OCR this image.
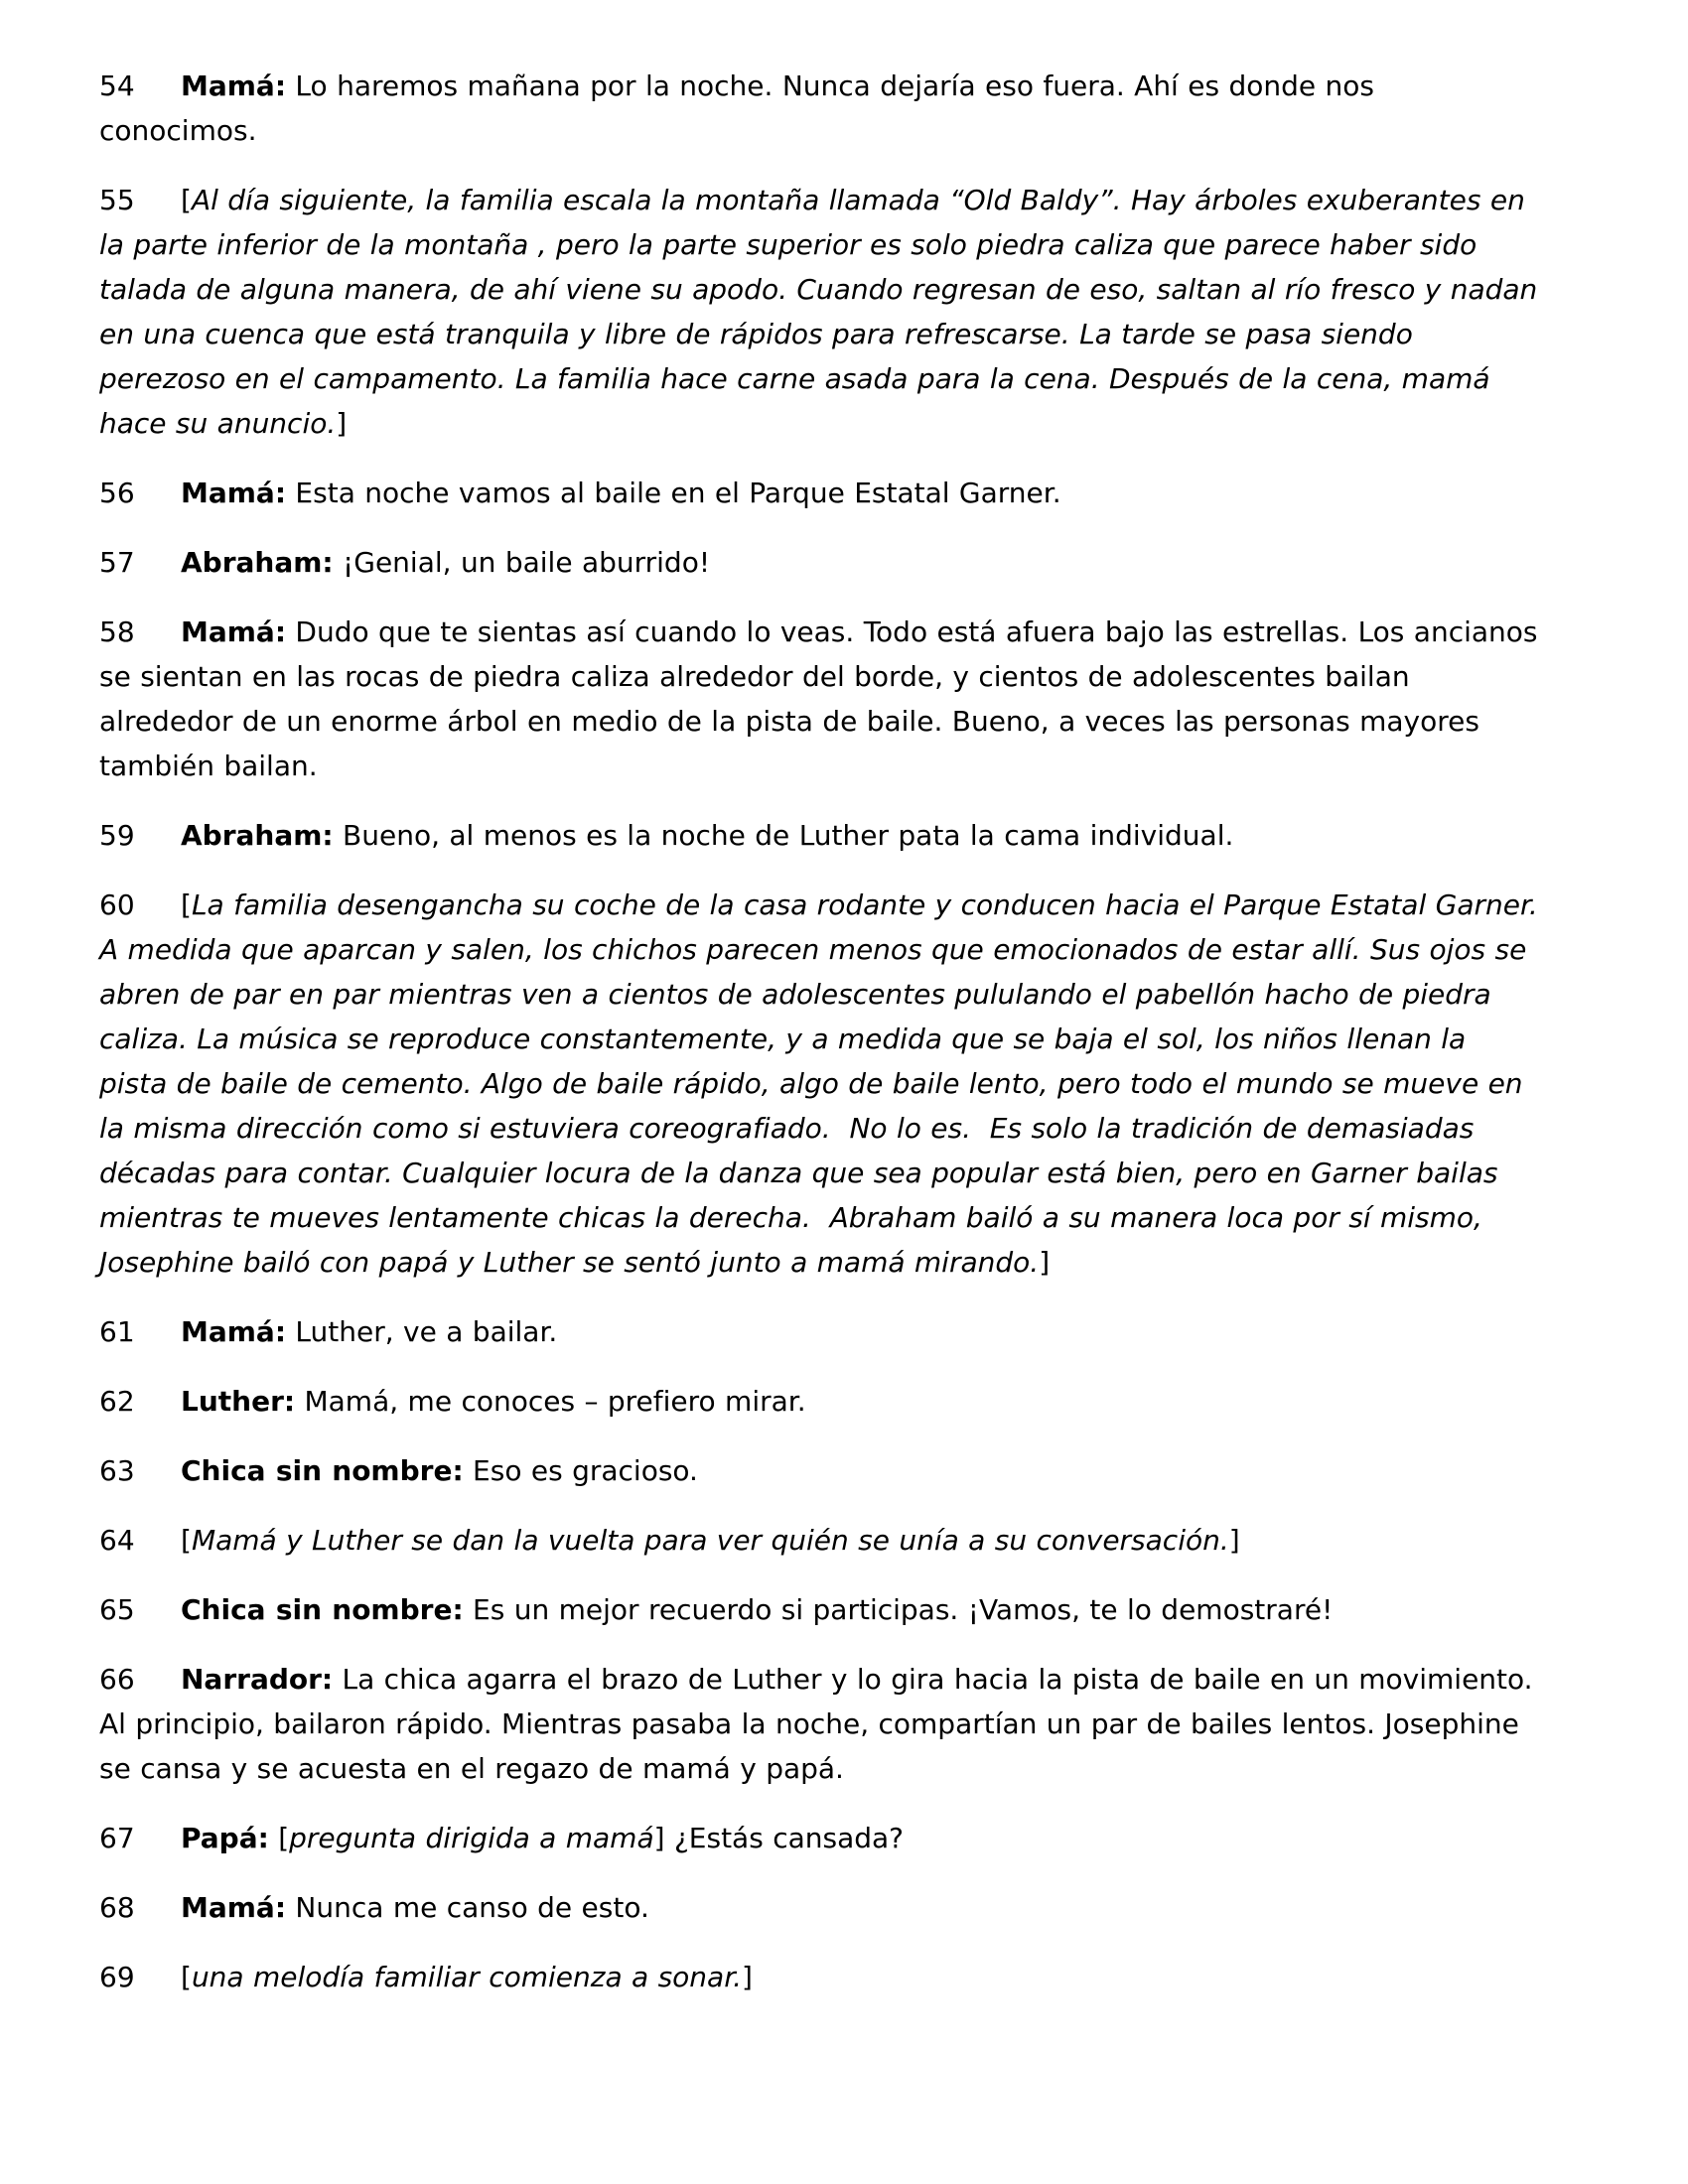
54 Mamá: Lo haremos mañana por la noche. Nunca dejaría eso fuera. Ahí es donde nos conocimos.

55 [Al día siguiente, la familia escala la montaña llamada “Old Baldy”. Hay árboles exuberantes en la parte inferior de la montaña , pero la parte superior es solo piedra caliza que parece haber sido talada de alguna manera, de ahí viene su apodo. Cuando regresan de eso, saltan al río fresco y nadan en una cuenca que está tranquila y libre de rápidos para refrescarse. La tarde se pasa siendo perezoso en el campamento. La familia hace carne asada para la cena. Después de la cena, mamá hace su anuncio.]

56 Mamá: Esta noche vamos al baile en el Parque Estatal Garner.

57 Abraham: ¡Genial, un baile aburrido!

58 Mamá: Dudo que te sientas así cuando lo veas. Todo está afuera bajo las estrellas. Los ancianos se sientan en las rocas de piedra caliza alrededor del borde, y cientos de adolescentes bailan alrededor de un enorme árbol en medio de la pista de baile. Bueno, a veces las personas mayores también bailan.

59 Abraham: Bueno, al menos es la noche de Luther pata la cama individual.

60 [La familia desengancha su coche de la casa rodante y conducen hacia el Parque Estatal Garner. A medida que aparcan y salen, los chichos parecen menos que emocionados de estar allí. Sus ojos se abren de par en par mientras ven a cientos de adolescentes pululando el pabellón hacho de piedra caliza. La música se reproduce constantemente, y a medida que se baja el sol, los niños llenan la pista de baile de cemento. Algo de baile rápido, algo de baile lento, pero todo el mundo se mueve en la misma dirección como si estuviera coreografiado.  No lo es.  Es solo la tradición de demasiadas décadas para contar. Cualquier locura de la danza que sea popular está bien, pero en Garner bailas mientras te mueves lentamente chicas la derecha.  Abraham bailó a su manera loca por sí mismo, Josephine bailó con papá y Luther se sentó junto a mamá mirando.]

61 Mamá: Luther, ve a bailar.

62 Luther: Mamá, me conoces – prefiero mirar.

63 Chica sin nombre: Eso es gracioso.

64 [Mamá y Luther se dan la vuelta para ver quién se unía a su conversación.]

65 Chica sin nombre: Es un mejor recuerdo si participas. ¡Vamos, te lo demostraré!

66 Narrador: La chica agarra el brazo de Luther y lo gira hacia la pista de baile en un movimiento. Al principio, bailaron rápido. Mientras pasaba la noche, compartían un par de bailes lentos. Josephine se cansa y se acuesta en el regazo de mamá y papá.

67 Papá: [pregunta dirigida a mamá] ¿Estás cansada?

68 Mamá: Nunca me canso de esto.

69 [una melodía familiar comienza a sonar.]
